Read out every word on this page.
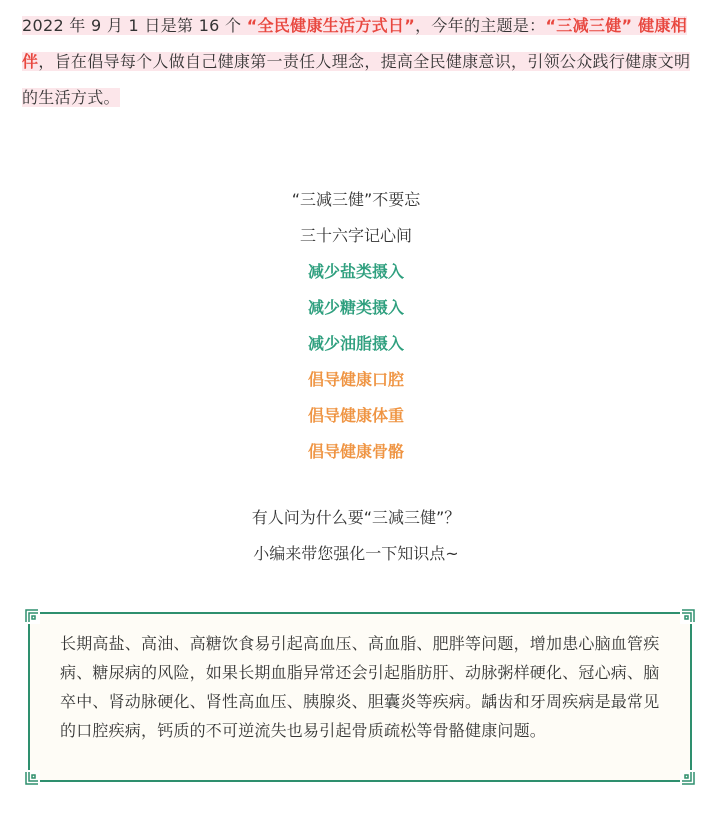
2022 年 9 月 1 日是第 16 个 “全民健康生活方式日”，今年的主题是：“三减三健” 健康相伴，旨在倡导每个人做自己健康第一责任人理念，提高全民健康意识，引领公众践行健康文明的生活方式。
“三减三健”不要忘
三十六字记心间
减少盐类摄入
减少糖类摄入
减少油脂摄入
倡导健康口腔
倡导健康体重
倡导健康骨骼
有人问为什么要“三减三健”？
小编来带您强化一下知识点~
长期高盐、高油、高糖饮食易引起高血压、高血脂、肥胖等问题，增加患心脑血管疾病、糖尿病的风险，如果长期血脂异常还会引起脂肪肝、动脉粥样硬化、冠心病、脑卒中、肾动脉硬化、肾性高血压、胰腺炎、胆囊炎等疾病。龋齿和牙周疾病是最常见的口腔疾病，钙质的不可逆流失也易引起骨质疏松等骨骼健康问题。
